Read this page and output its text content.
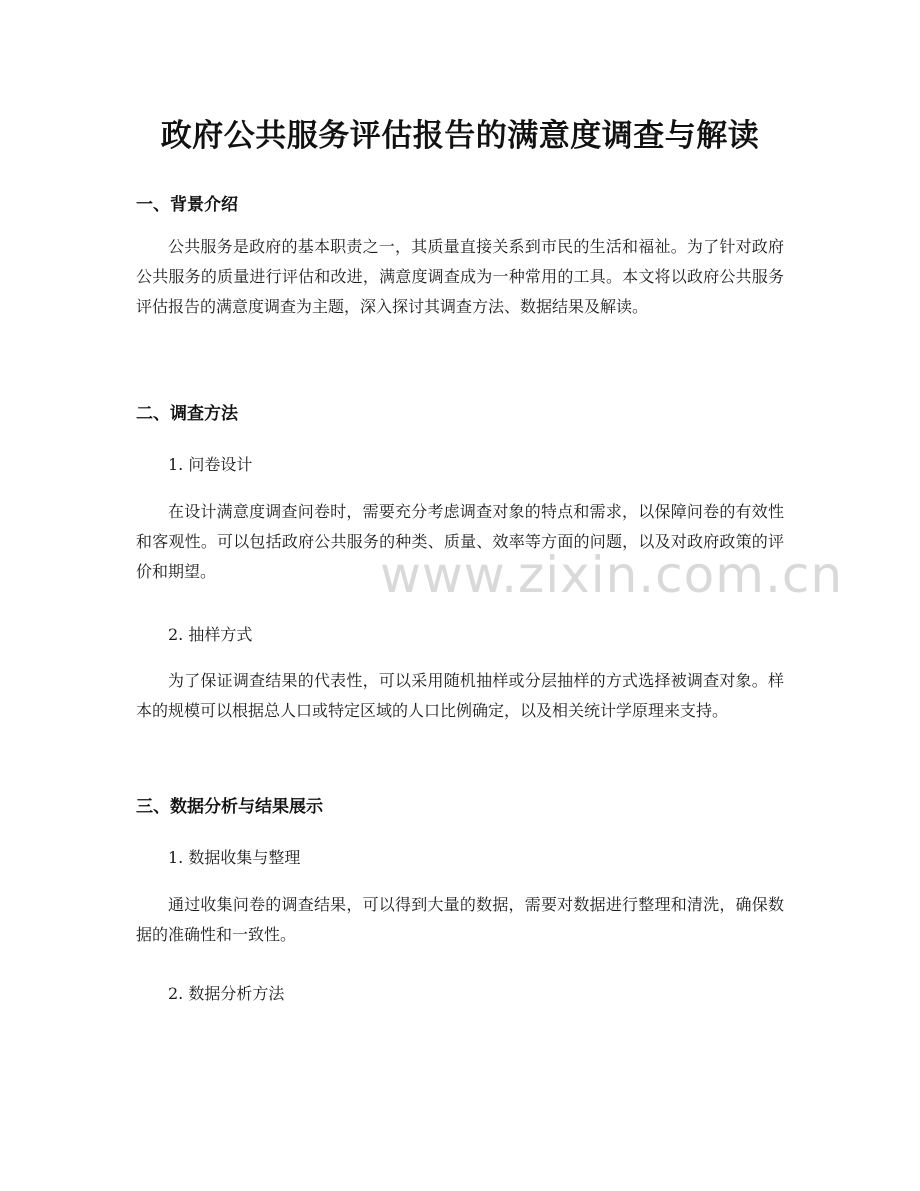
政府公共服务评估报告的满意度调查与解读
一、背景介绍

公共服务是政府的基本职责之一，其质量直接关系到市民的生活和福祉。为了针对政府公共服务的质量进行评估和改进，满意度调查成为一种常用的工具。本文将以政府公共服务评估报告的满意度调查为主题，深入探讨其调查方法、数据结果及解读。

二、调查方法
1. 问卷设计

在设计满意度调查问卷时，需要充分考虑调查对象的特点和需求，以保障问卷的有效性和客观性。可以包括政府公共服务的种类、质量、效率等方面的问题，以及对政府政策的评价和期望。

2. 抽样方式

为了保证调查结果的代表性，可以采用随机抽样或分层抽样的方式选择被调查对象。样本的规模可以根据总人口或特定区域的人口比例确定，以及相关统计学原理来支持。

三、数据分析与结果展示
1. 数据收集与整理

通过收集问卷的调查结果，可以得到大量的数据，需要对数据进行整理和清洗，确保数据的准确性和一致性。

2. 数据分析方法
www.zixin.com.cn
